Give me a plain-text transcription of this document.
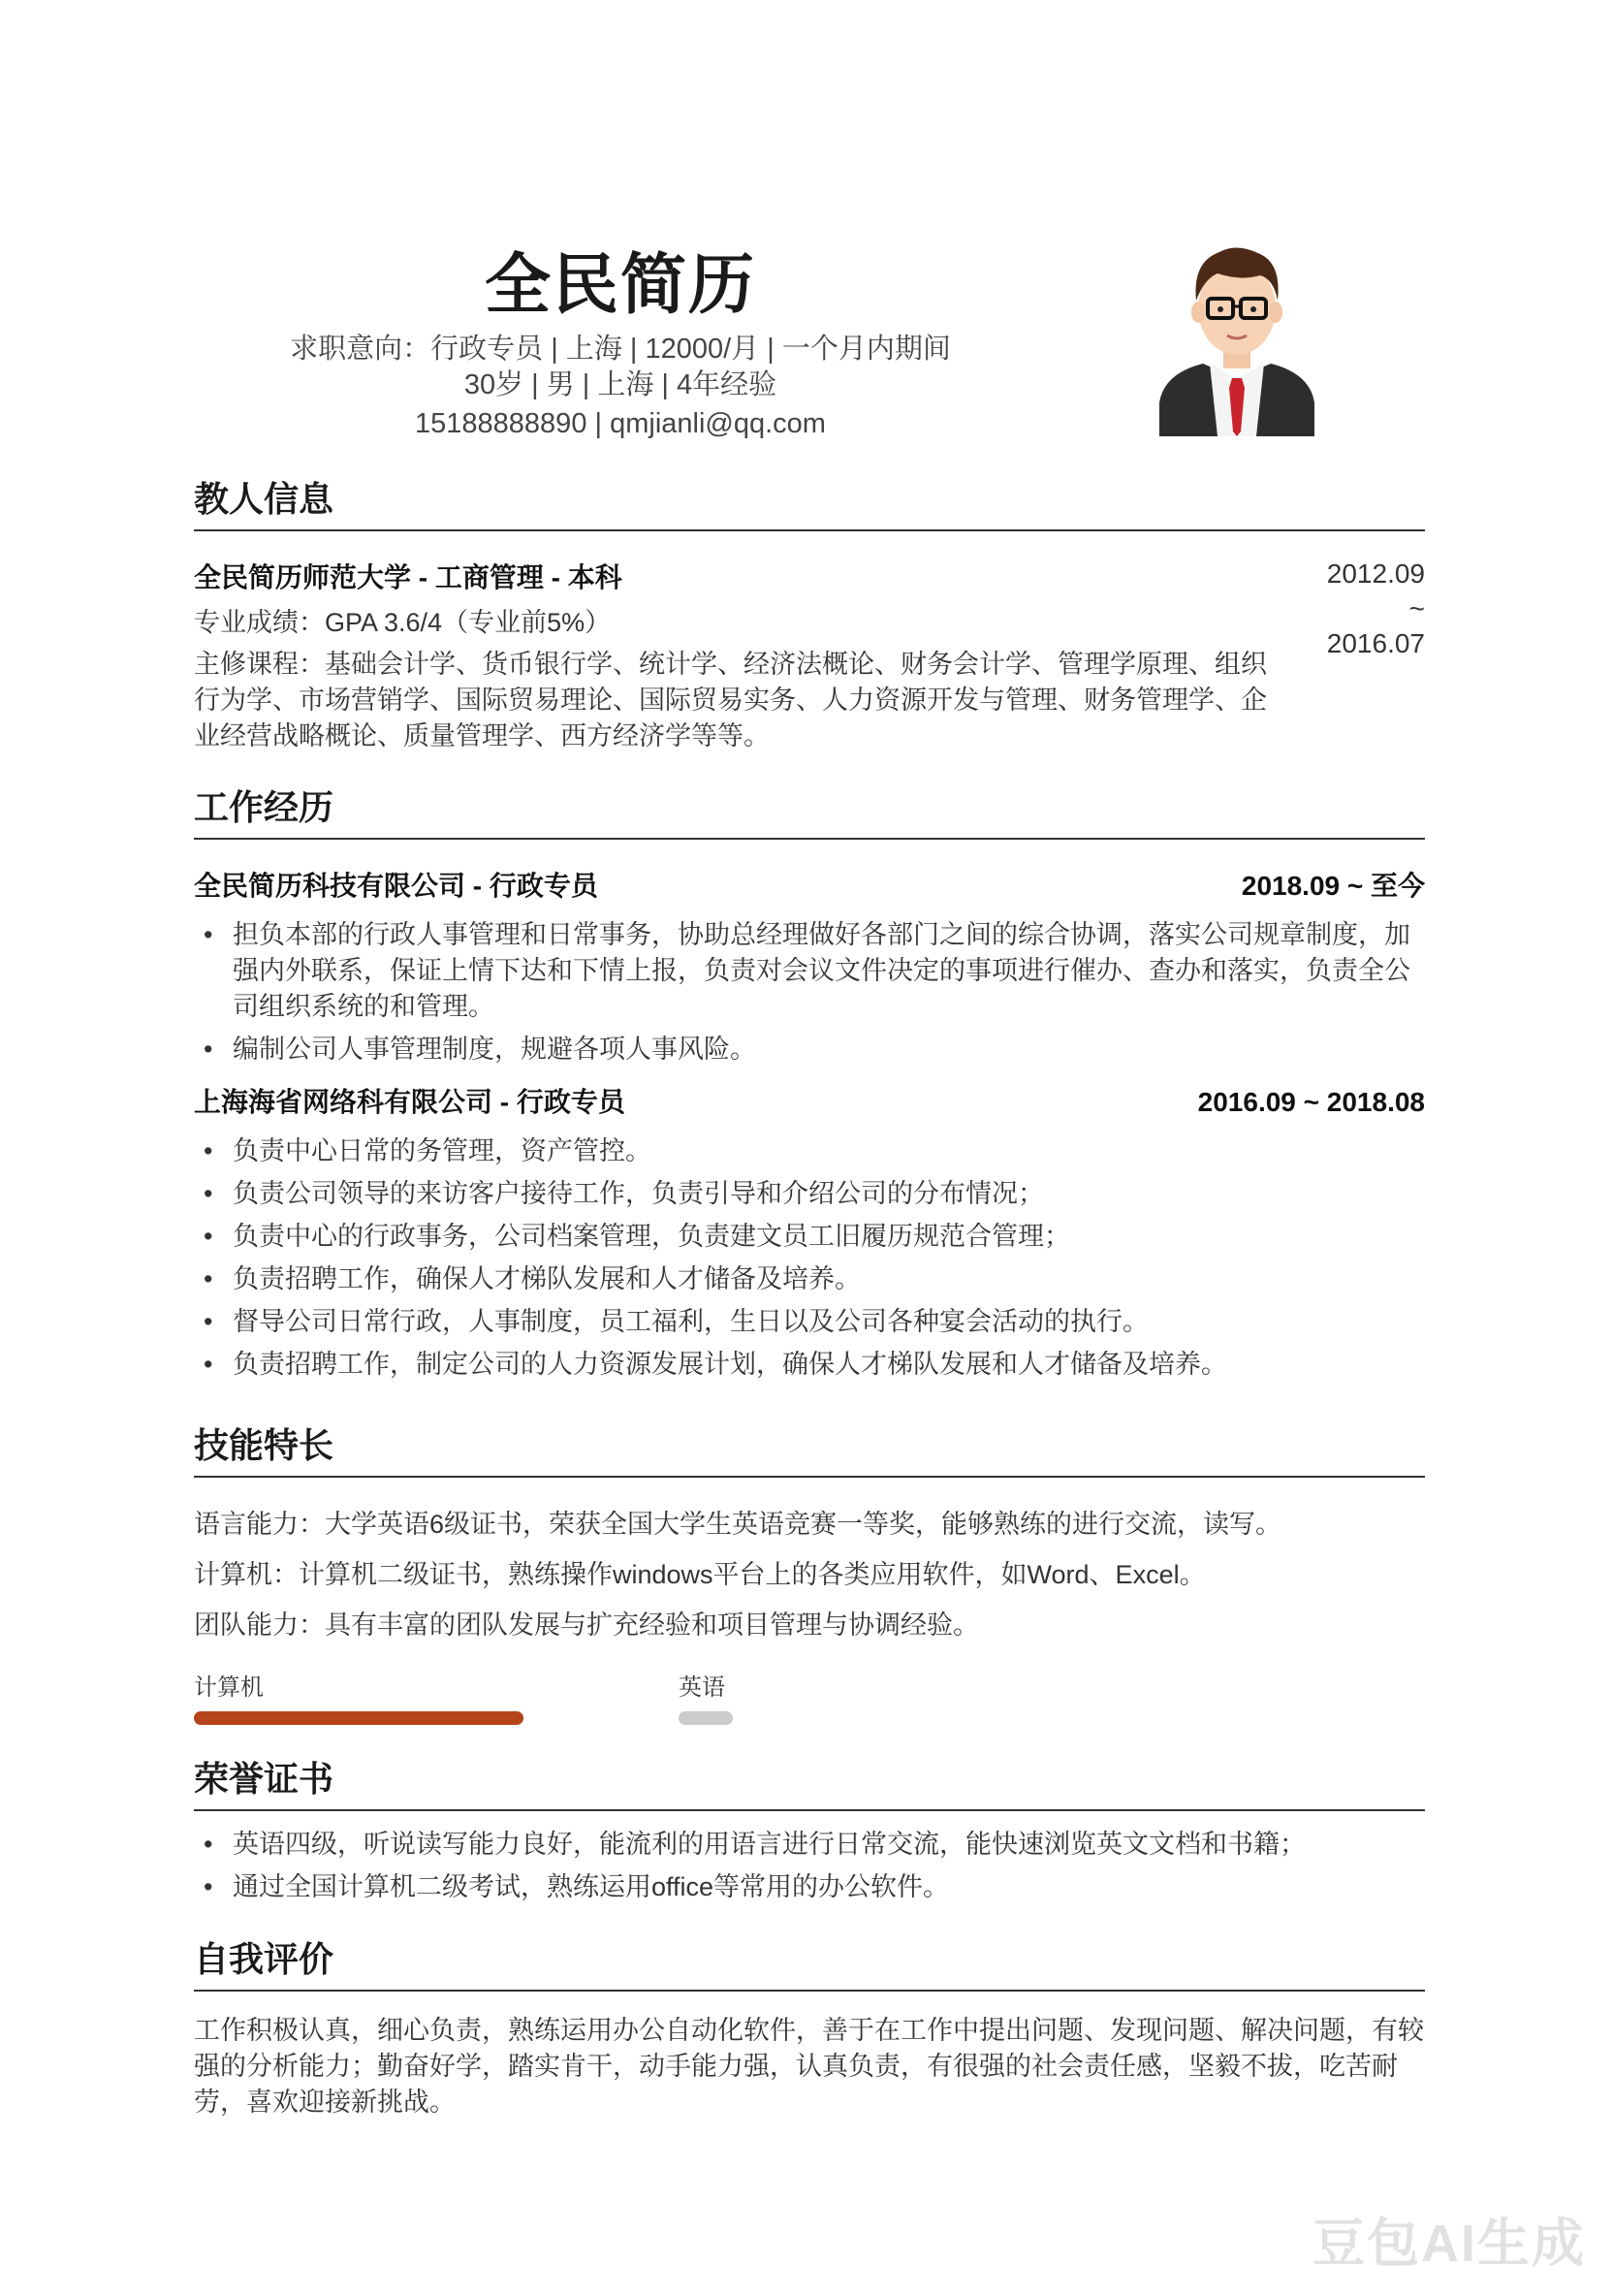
全民简历
求职意向：行政专员 | 上海 | 12000/月 | 一个月内期间
30岁 | 男 | 上海 | 4年经验
15188888890 | qmjianli@qq.com
教人信息
全民简历师范大学 - 工商管理 - 本科	2012.09
~
2016.07
专业成绩：GPA 3.6/4（专业前5%）
主修课程：基础会计学、货币银行学、统计学、经济法概论、财务会计学、管理学原理、组织行为学、市场营销学、国际贸易理论、国际贸易实务、人力资源开发与管理、财务管理学、企业经营战略概论、质量管理学、西方经济学等等。
工作经历
全民简历科技有限公司 - 行政专员	2018.09 ~ 至今
• 担负本部的行政人事管理和日常事务，协助总经理做好各部门之间的综合协调，落实公司规章制度，加强内外联系，保证上情下达和下情上报，负责对会议文件决定的事项进行催办、查办和落实，负责全公司组织系统的和管理。
• 编制公司人事管理制度，规避各项人事风险。
上海海省网络科有限公司 - 行政专员	2016.09 ~ 2018.08
• 负责中心日常的务管理，资产管控。
• 负责公司领导的来访客户接待工作，负责引导和介绍公司的分布情况；
• 负责中心的行政事务，公司档案管理，负责建文员工旧履历规范合管理；
• 负责招聘工作，确保人才梯队发展和人才储备及培养。
• 督导公司日常行政，人事制度，员工福利，生日以及公司各种宴会活动的执行。
• 负责招聘工作，制定公司的人力资源发展计划，确保人才梯队发展和人才储备及培养。
技能特长
语言能力：大学英语6级证书，荣获全国大学生英语竞赛一等奖，能够熟练的进行交流，读写。
计算机：计算机二级证书，熟练操作windows平台上的各类应用软件，如Word、Excel。
团队能力：具有丰富的团队发展与扩充经验和项目管理与协调经验。
计算机	英语
荣誉证书
• 英语四级，听说读写能力良好，能流利的用语言进行日常交流，能快速浏览英文文档和书籍；
• 通过全国计算机二级考试，熟练运用office等常用的办公软件。
自我评价
工作积极认真，细心负责，熟练运用办公自动化软件，善于在工作中提出问题、发现问题、解决问题，有较强的分析能力；勤奋好学，踏实肯干，动手能力强，认真负责，有很强的社会责任感，坚毅不拔，吃苦耐劳，喜欢迎接新挑战。
豆包AI生成
